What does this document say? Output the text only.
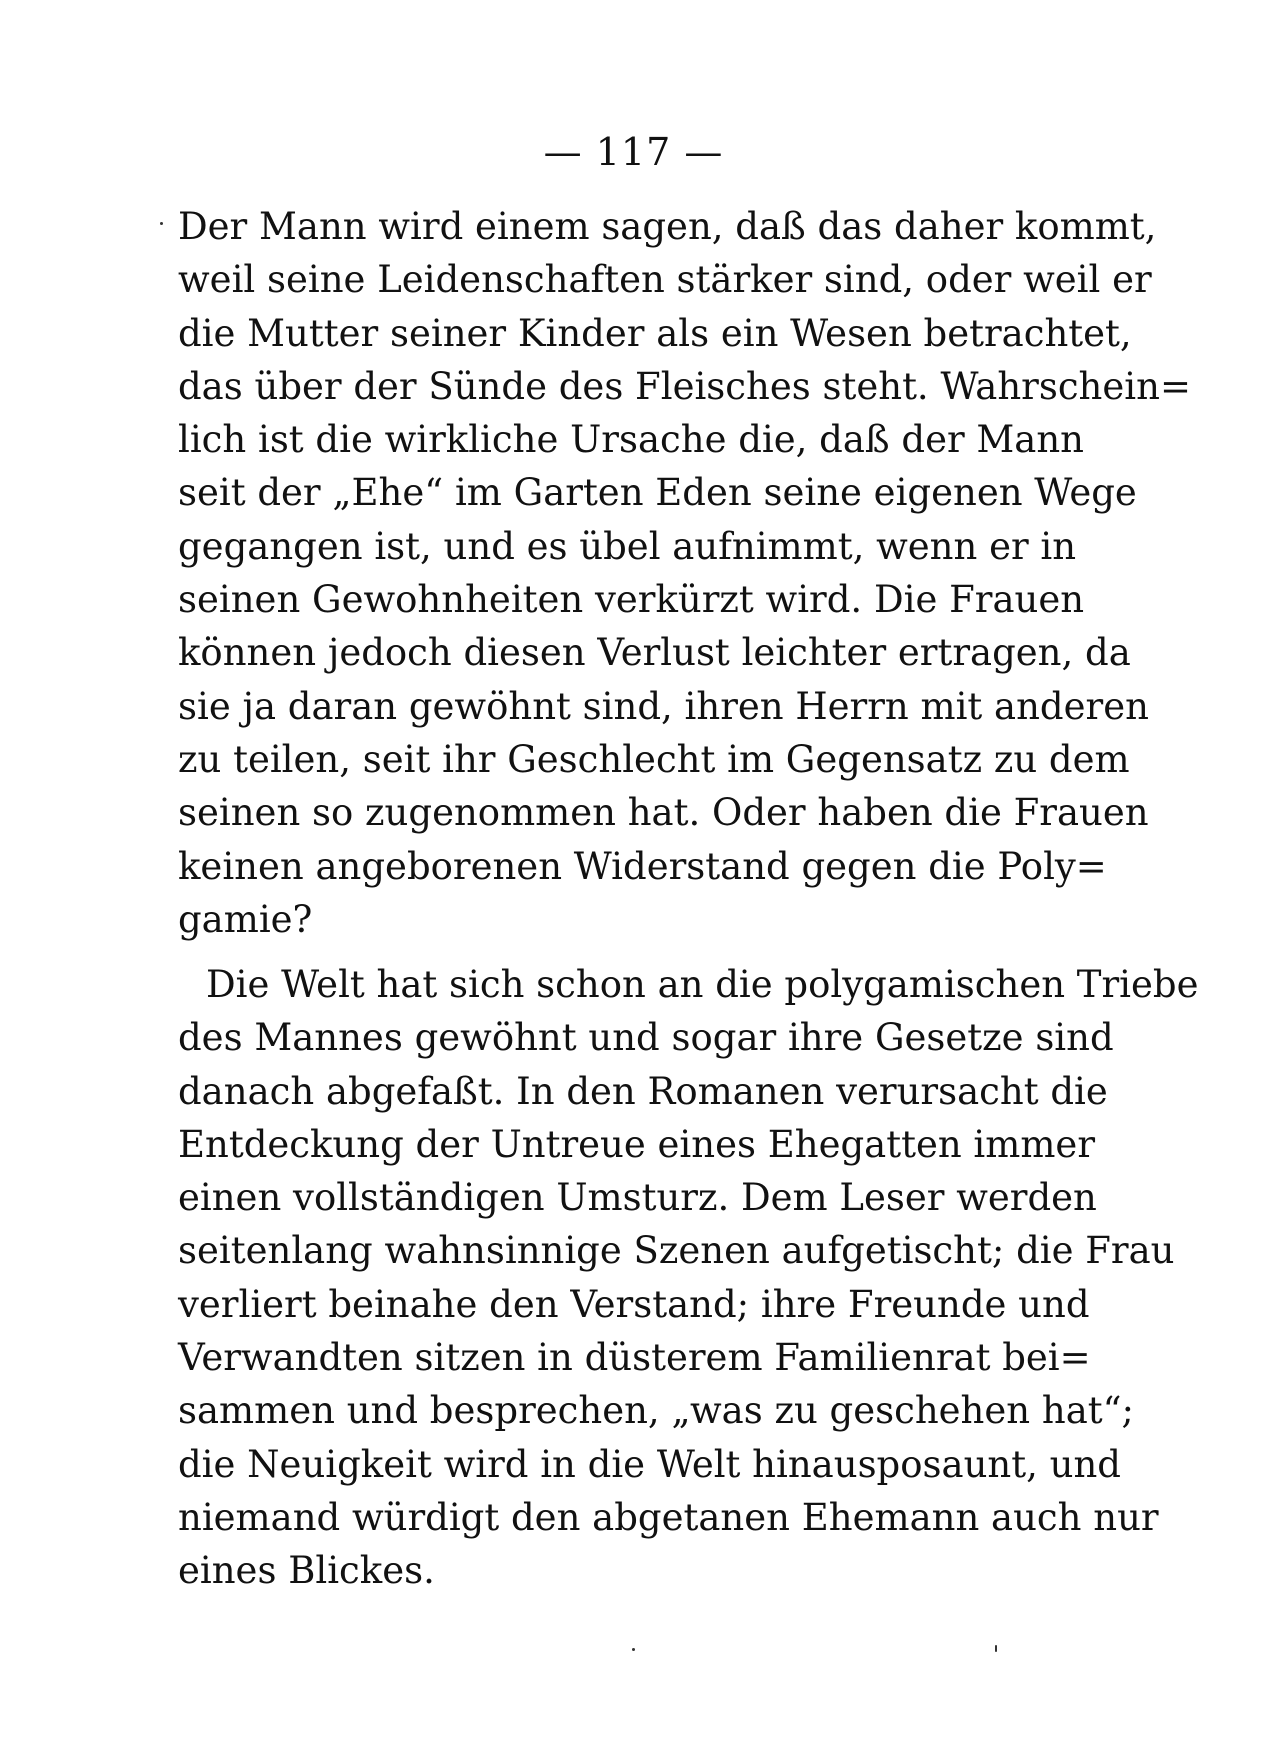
— 117 —
Der Mann wird einem sagen, daß das daher kommt,
weil seine Leidenschaften stärker sind, oder weil er
die Mutter seiner Kinder als ein Wesen betrachtet,
das über der Sünde des Fleisches steht. Wahrschein=
lich ist die wirkliche Ursache die, daß der Mann
seit der „Ehe“ im Garten Eden seine eigenen Wege
gegangen ist, und es übel aufnimmt, wenn er in
seinen Gewohnheiten verkürzt wird. Die Frauen
können jedoch diesen Verlust leichter ertragen, da
sie ja daran gewöhnt sind, ihren Herrn mit anderen
zu teilen, seit ihr Geschlecht im Gegensatz zu dem
seinen so zugenommen hat. Oder haben die Frauen
keinen angeborenen Widerstand gegen die Poly=
gamie?
Die Welt hat sich schon an die polygamischen Triebe
des Mannes gewöhnt und sogar ihre Gesetze sind
danach abgefaßt. In den Romanen verursacht die
Entdeckung der Untreue eines Ehegatten immer
einen vollständigen Umsturz. Dem Leser werden
seitenlang wahnsinnige Szenen aufgetischt; die Frau
verliert beinahe den Verstand; ihre Freunde und
Verwandten sitzen in düsterem Familienrat bei=
sammen und besprechen, „was zu geschehen hat“;
die Neuigkeit wird in die Welt hinausposaunt, und
niemand würdigt den abgetanen Ehemann auch nur
eines Blickes.
